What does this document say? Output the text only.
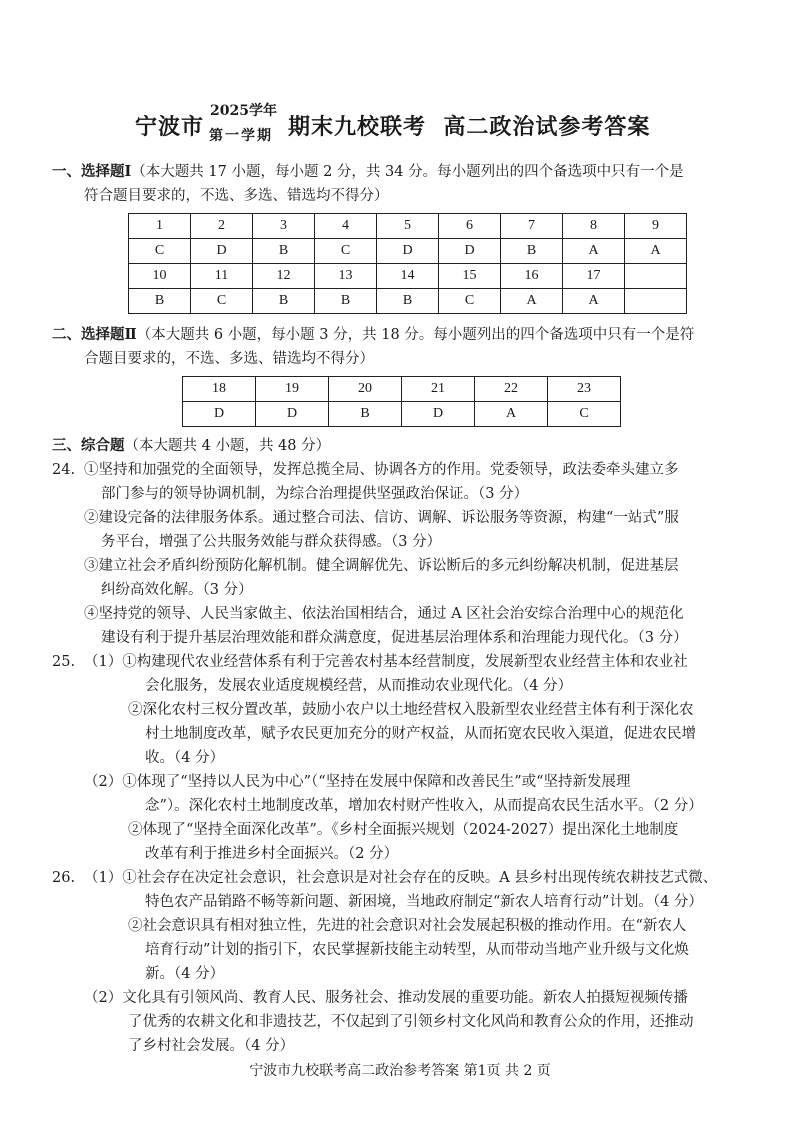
宁波市
2025学年
第一学期 期末九校联考  高二政治试参考答案
一、选择题Ⅰ（本大题共 17 小题，每小题 2 分，共 34 分。每小题列出的四个备选项中只有一个是
符合题目要求的，不选、多选、错选均不得分）
1	2	3	4	5	6	7	8	9
C	D	B	C	D	D	B	A	A
10	11	12	13	14	15	16	17	
B	C	B	B	B	C	A	A	
二、选择题Ⅱ（本大题共 6 小题，每小题 3 分，共 18 分。每小题列出的四个备选项中只有一个是符
合题目要求的，不选、多选、错选均不得分）
18	19	20	21	22	23
D	D	B	D	A	C
三、综合题（本大题共 4 小题，共 48 分）
24. ①坚持和加强党的全面领导，发挥总揽全局、协调各方的作用。党委领导，政法委牵头建立多
部门参与的领导协调机制，为综合治理提供坚强政治保证。（3 分）
②建设完备的法律服务体系。通过整合司法、信访、调解、诉讼服务等资源，构建“一站式”服
务平台，增强了公共服务效能与群众获得感。（3 分）
③建立社会矛盾纠纷预防化解机制。健全调解优先、诉讼断后的多元纠纷解决机制，促进基层
纠纷高效化解。（3 分）
④坚持党的领导、人民当家做主、依法治国相结合，通过 A 区社会治安综合治理中心的规范化
建设有利于提升基层治理效能和群众满意度，促进基层治理体系和治理能力现代化。（3 分）
25. （1）①构建现代农业经营体系有利于完善农村基本经营制度，发展新型农业经营主体和农业社
会化服务，发展农业适度规模经营，从而推动农业现代化。（4 分）
②深化农村三权分置改革，鼓励小农户以土地经营权入股新型农业经营主体有利于深化农
村土地制度改革，赋予农民更加充分的财产权益，从而拓宽农民收入渠道，促进农民增
收。（4 分）
（2）①体现了“坚持以人民为中心”（“坚持在发展中保障和改善民生”或“坚持新发展理
念”）。深化农村土地制度改革，增加农村财产性收入，从而提高农民生活水平。（2 分）
②体现了“坚持全面深化改革”。《乡村全面振兴规划（2024-2027）提出深化土地制度
改革有利于推进乡村全面振兴。（2 分）
26. （1）①社会存在决定社会意识，社会意识是对社会存在的反映。A 县乡村出现传统农耕技艺式微、
特色农产品销路不畅等新问题、新困境，当地政府制定“新农人培育行动”计划。（4 分）
②社会意识具有相对独立性，先进的社会意识对社会发展起积极的推动作用。在“新农人
培育行动”计划的指引下，农民掌握新技能主动转型，从而带动当地产业升级与文化焕
新。（4 分）
（2）文化具有引领风尚、教育人民、服务社会、推动发展的重要功能。新农人拍摄短视频传播
了优秀的农耕文化和非遗技艺，不仅起到了引领乡村文化风尚和教育公众的作用，还推动
了乡村社会发展。（4 分）
宁波市九校联考高二政治参考答案 第1页 共 2 页
